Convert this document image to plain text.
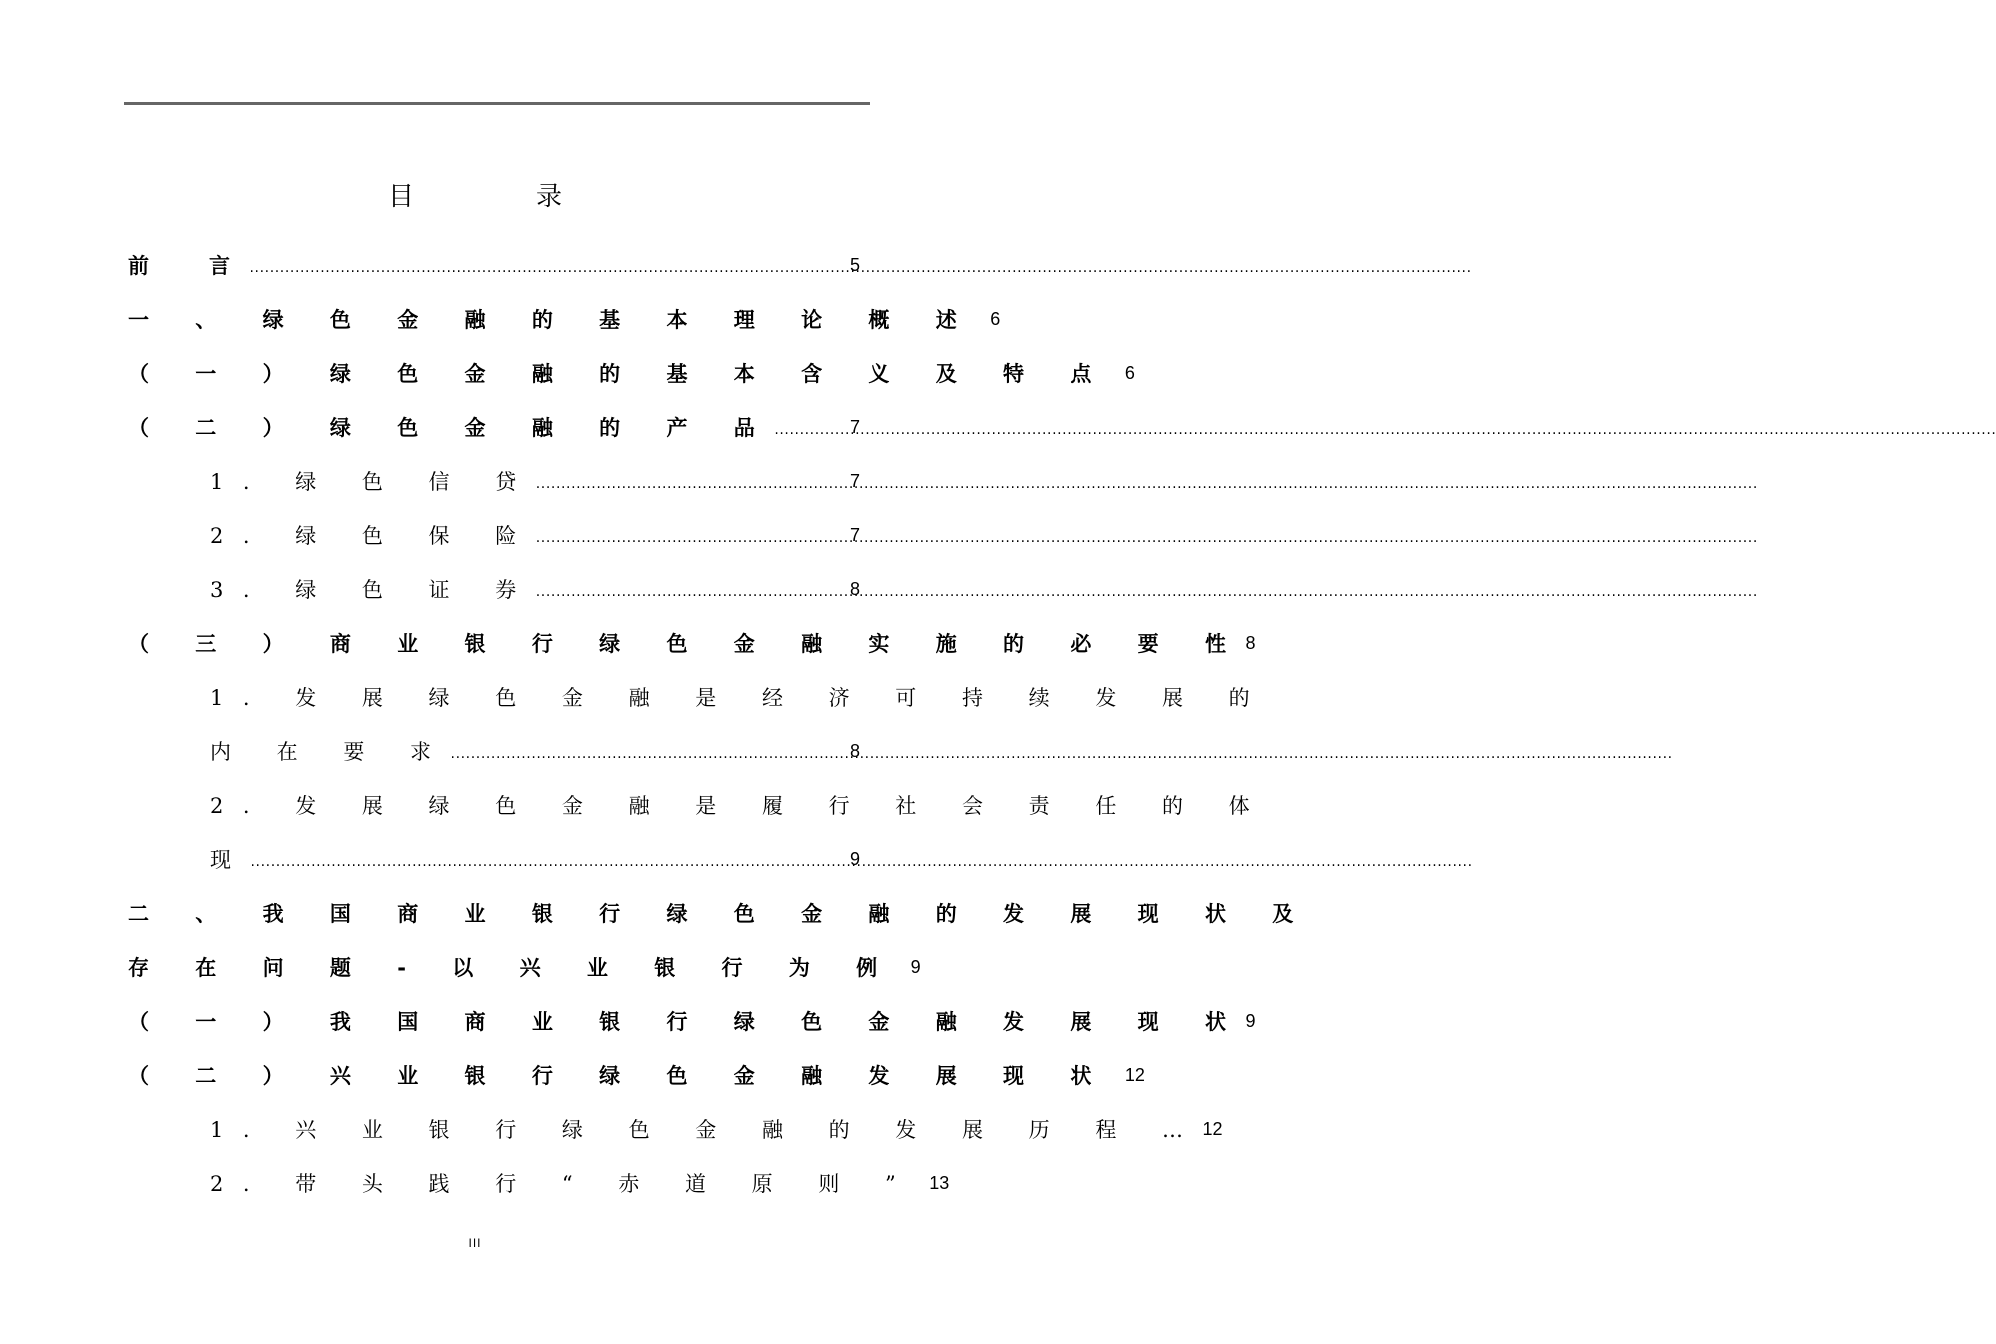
目　录
前　言 .....	5
一 、 绿 色 金 融 的 基 本 理 论 概 述 6
（ 一 ） 绿 色 金 融 的 基 本 含 义 及 特 点 6
（ 二 ） 绿 色 金 融 的 产 品 .....	7
1. 绿 色 信 贷 .....	7
2. 绿 色 保 险 .....	7
3. 绿 色 证 券 .....	8
（ 三 ） 商 业 银 行 绿 色 金 融 实 施 的 必 要 性 8
1. 发 展 绿 色 金 融 是 经 济 可 持 续 发 展 的
内 在 要 求 .....	8
2. 发 展 绿 色 金 融 是 履 行 社 会 责 任 的 体
现 .....	9
二 、 我 国 商 业 银 行 绿 色 金 融 的 发 展 现 状 及
存 在 问 题 - 以 兴 业 银 行 为 例 9
（ 一 ） 我 国 商 业 银 行 绿 色 金 融 发 展 现 状 9
（ 二 ） 兴 业 银 行 绿 色 金 融 发 展 现 状 12
1. 兴 业 银 行 绿 色 金 融 的 发 展 历 程 … 12
2. 带 头 践 行 “ 赤 道 原 则 ” 13
III
